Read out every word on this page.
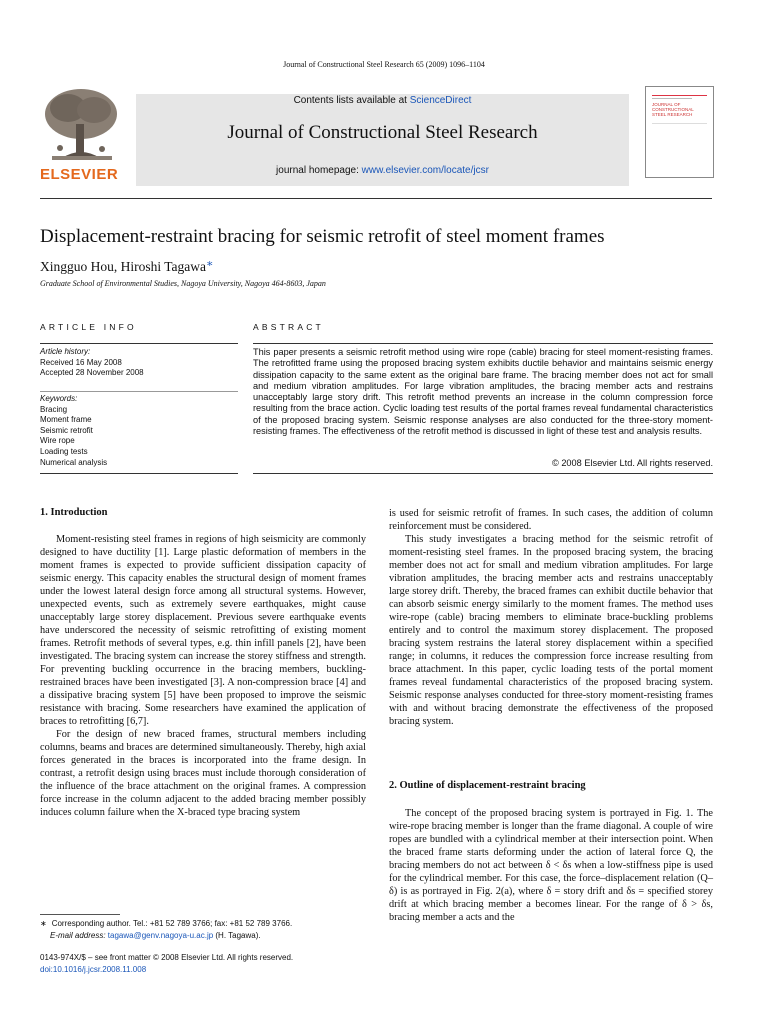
Journal of Constructional Steel Research 65 (2009) 1096–1104
ELSEVIER
Contents lists available at ScienceDirect
Journal of Constructional Steel Research
journal homepage: www.elsevier.com/locate/jcsr
JOURNAL OF CONSTRUCTIONAL STEEL RESEARCH
Displacement-restraint bracing for seismic retrofit of steel moment frames
Xingguo Hou, Hiroshi Tagawa∗
Graduate School of Environmental Studies, Nagoya University, Nagoya 464-8603, Japan
ARTICLE INFO
Article history:
Received 16 May 2008
Accepted 28 November 2008
Keywords:
Bracing
Moment frame
Seismic retrofit
Wire rope
Loading tests
Numerical analysis
ABSTRACT
This paper presents a seismic retrofit method using wire rope (cable) bracing for steel moment-resisting frames. The retrofitted frame using the proposed bracing system exhibits ductile behavior and maintains seismic energy dissipation capacity to the same extent as the original bare frame. The bracing member does not act for small and medium vibration amplitudes. For large vibration amplitudes, the bracing member acts and restrains unacceptably large story drift. This retrofit method prevents an increase in the column compression force resulting from the brace action. Cyclic loading test results of the portal frames reveal fundamental characteristics of the proposed bracing system. Seismic response analyses are also conducted for the three-story moment-resisting frames. The effectiveness of the retrofit method is discussed in light of these test and analysis results.
© 2008 Elsevier Ltd. All rights reserved.
1. Introduction

Moment-resisting steel frames in regions of high seismicity are commonly designed to have ductility [1]. Large plastic deformation of members in the moment frames is expected to provide sufficient dissipation capacity of seismic energy. This capacity enables the structural design of moment frames under the lowest lateral design force among all structural systems. However, unexpected events, such as extremely severe earthquakes, might cause unacceptably large storey displacement. Previous severe earthquake events have underscored the necessity of seismic retrofitting of existing moment frames. Retrofit methods of several types, e.g. thin infill panels [2], have been investigated. The bracing system can increase the storey stiffness and strength. For preventing buckling occurrence in the bracing members, buckling-restrained braces have been investigated [3]. A non-compression brace [4] and a dissipative bracing system [5] have been proposed to improve the seismic resistance with bracing. Some researchers have examined the application of braces to retrofitting [6,7].

For the design of new braced frames, structural members including columns, beams and braces are determined simultaneously. Thereby, high axial forces generated in the braces is incorporated into the frame design. In contrast, a retrofit design using braces must include thorough consideration of the influence of the brace attachment on the original frames. A compression force increase in the column adjacent to the added bracing member possibly induces column failure when the X-braced type bracing system

is used for seismic retrofit of frames. In such cases, the addition of column reinforcement must be considered.

This study investigates a bracing method for the seismic retrofit of moment-resisting steel frames. In the proposed bracing system, the bracing member does not act for small and medium vibration amplitudes. For large vibration amplitudes, the bracing member acts and restrains unacceptably large storey drift. Thereby, the braced frames can exhibit ductile behavior that can absorb seismic energy similarly to the moment frames. The method uses wire-rope (cable) bracing members to eliminate brace-buckling problems entirely and to control the maximum storey displacement. The proposed bracing system restrains the lateral storey displacement within a specified range; in columns, it reduces the compression force increase resulting from brace attachment. In this paper, cyclic loading tests of the portal moment frames reveal fundamental characteristics of the proposed bracing system. Seismic response analyses conducted for three-story moment-resisting frames with and without bracing demonstrate the effectiveness of the proposed bracing system.

2. Outline of displacement-restraint bracing

The concept of the proposed bracing system is portrayed in Fig. 1. The wire-rope bracing member is longer than the frame diagonal. A couple of wire ropes are bundled with a cylindrical member at their intersection point. When the braced frame starts deforming under the action of lateral force Q, the bracing members do not act between δ < δs when a low-stiffness pipe is used for the cylindrical member. For this case, the force–displacement relation (Q–δ) is as portrayed in Fig. 2(a), where δ = story drift and δs = specified storey drift at which bracing member a becomes linear. For the range of δ > δs, bracing member a acts and the

∗ Corresponding author. Tel.: +81 52 789 3766; fax: +81 52 789 3766.
E-mail address: tagawa@genv.nagoya-u.ac.jp (H. Tagawa).
0143-974X/$ – see front matter © 2008 Elsevier Ltd. All rights reserved.
doi:10.1016/j.jcsr.2008.11.008
